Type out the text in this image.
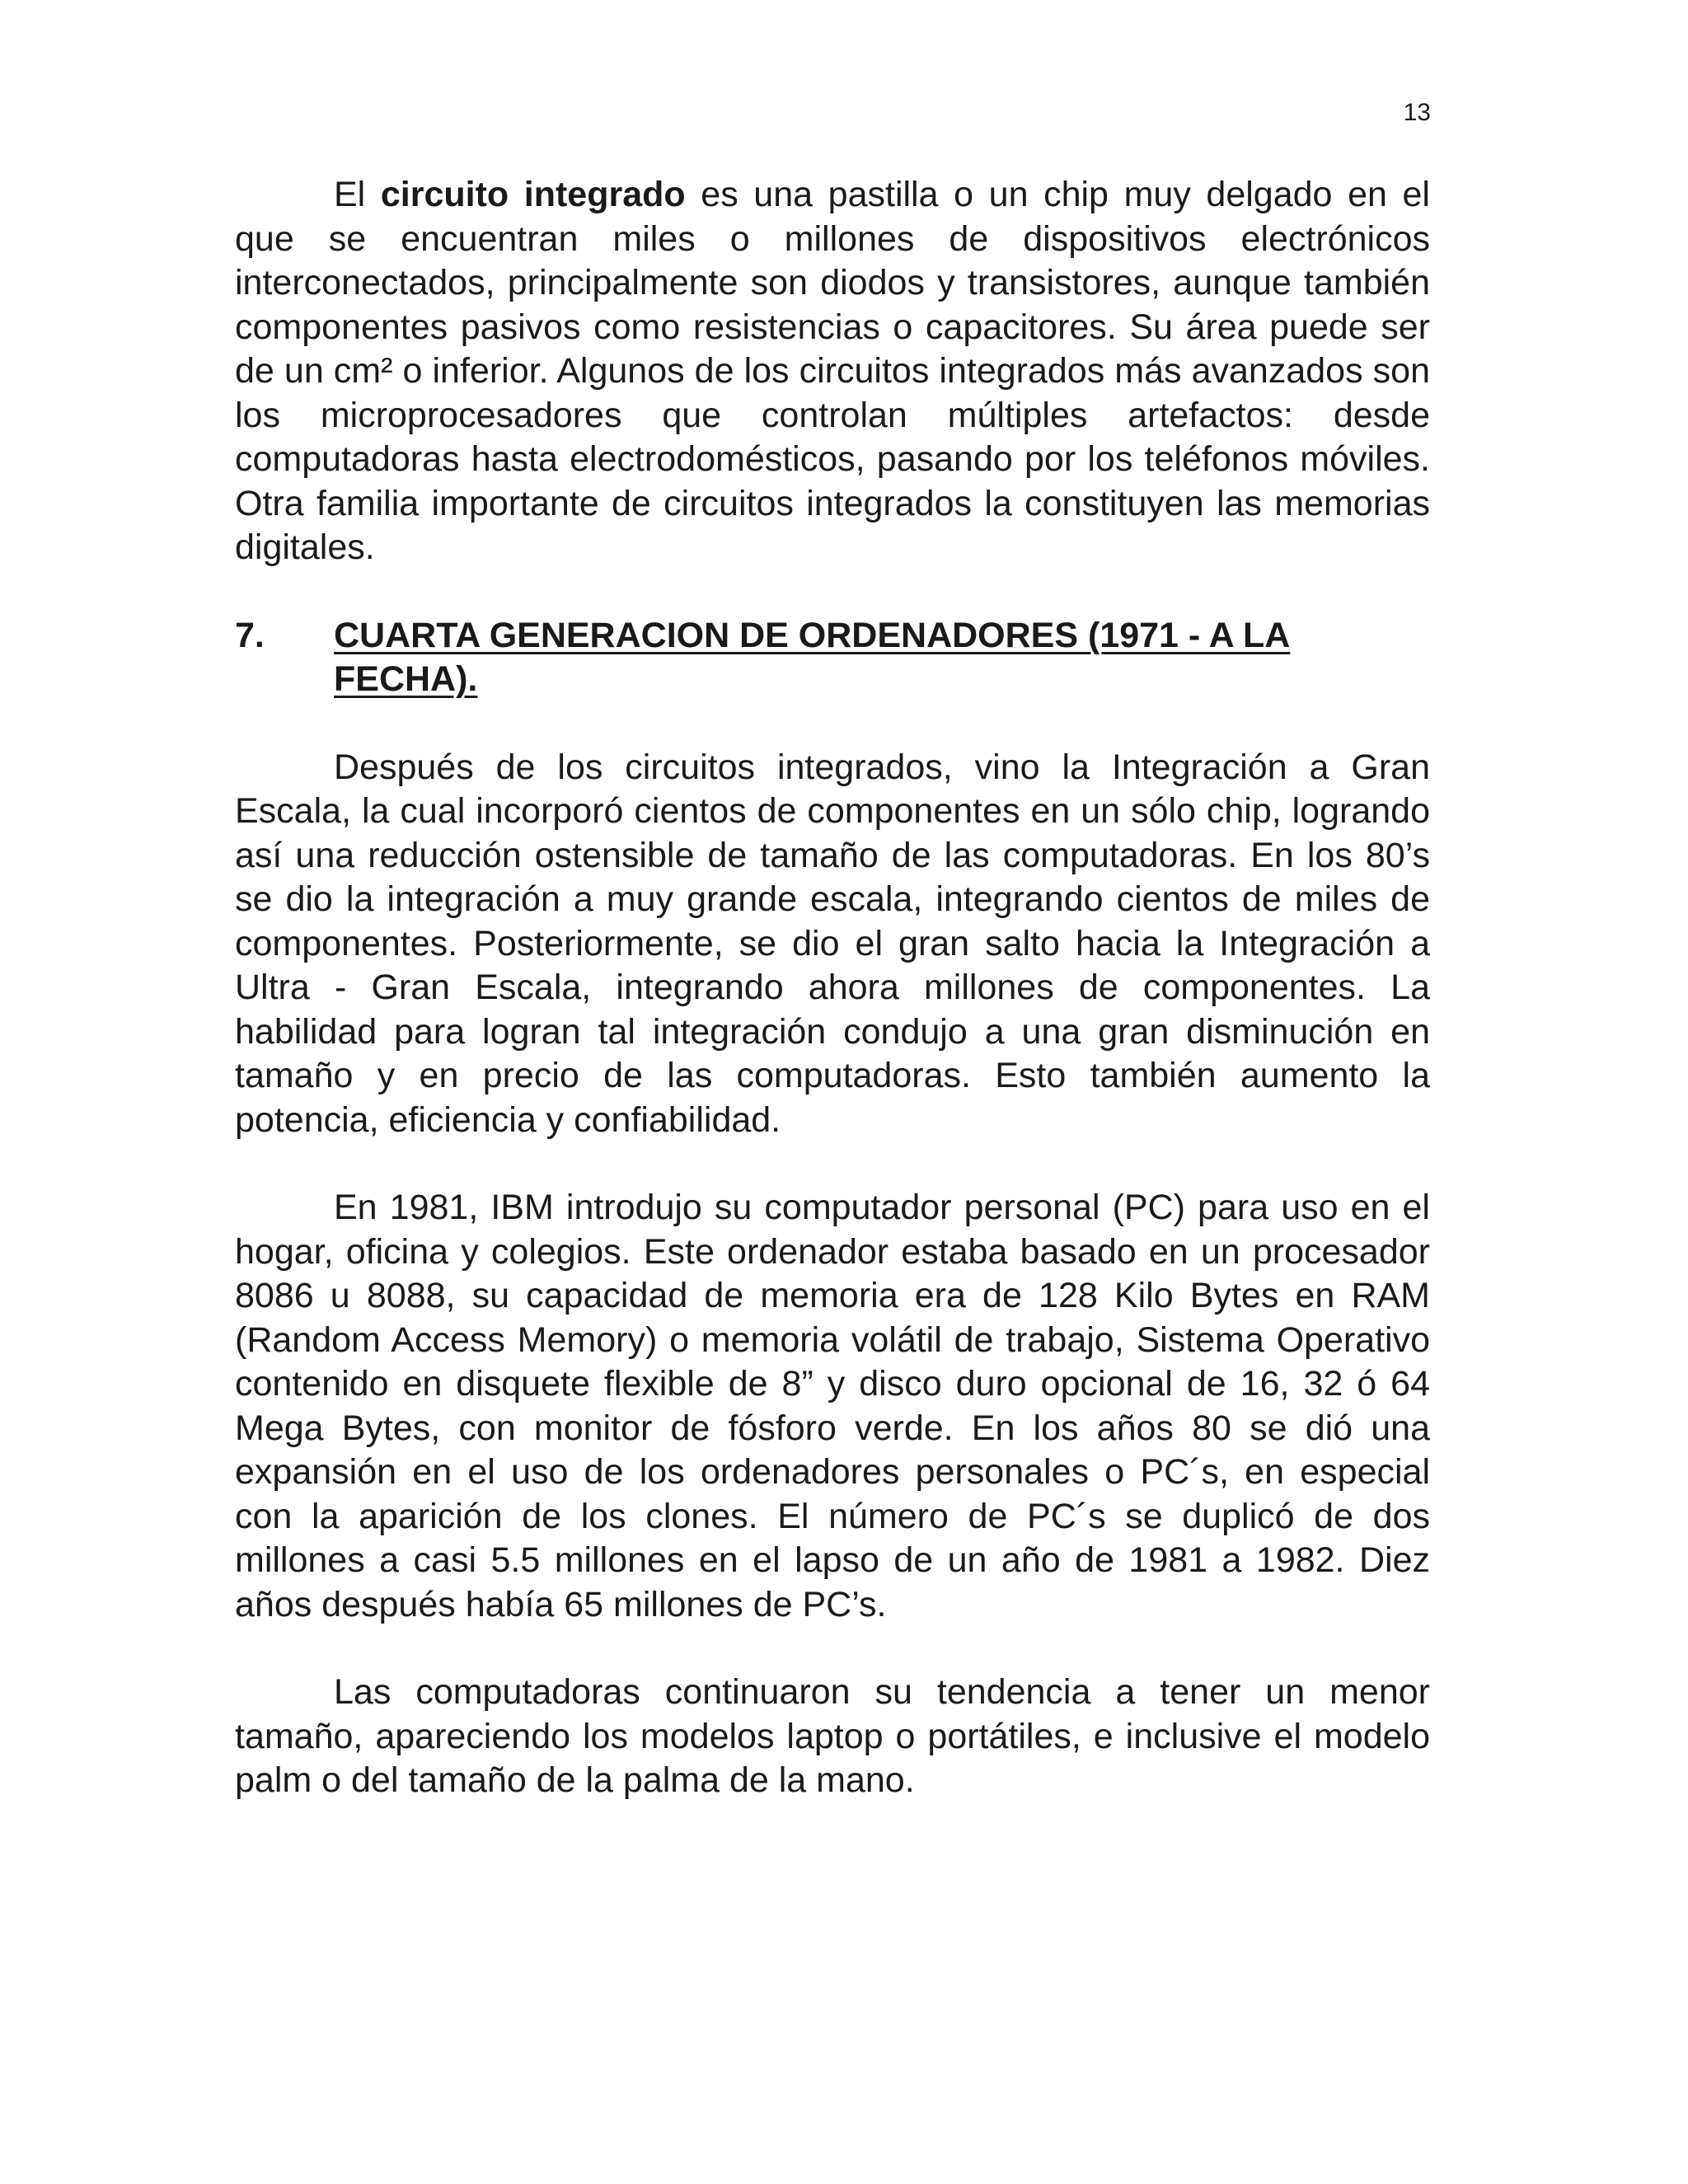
13

El circuito integrado es una pastilla o un chip muy delgado en el que se encuentran miles o millones de dispositivos electrónicos interconectados, principalmente son diodos y transistores, aunque también componentes pasivos como resistencias o capacitores. Su área puede ser de un cm² o inferior. Algunos de los circuitos integrados más avanzados son los microprocesadores que controlan múltiples artefactos: desde computadoras hasta electrodomésticos, pasando por los teléfonos móviles. Otra familia importante de circuitos integrados la constituyen las memorias digitales.

7. CUARTA GENERACION DE ORDENADORES (1971 - A LA FECHA).

Después de los circuitos integrados, vino la Integración a Gran Escala, la cual incorporó cientos de componentes en un sólo chip, logrando así una reducción ostensible de tamaño de las computadoras. En los 80’s se dio la integración a muy grande escala, integrando cientos de miles de componentes. Posteriormente, se dio el gran salto hacia la Integración a Ultra - Gran Escala, integrando ahora millones de componentes. La habilidad para logran tal integración condujo a una gran disminución en tamaño y en precio de las computadoras. Esto también aumento la potencia, eficiencia y confiabilidad.

En 1981, IBM introdujo su computador personal (PC) para uso en el hogar, oficina y colegios. Este ordenador estaba basado en un procesador 8086 u 8088, su capacidad de memoria era de 128 Kilo Bytes en RAM (Random Access Memory) o memoria volátil de trabajo, Sistema Operativo contenido en disquete flexible de 8” y disco duro opcional de 16, 32 ó 64 Mega Bytes, con monitor de fósforo verde. En los años 80 se dió una expansión en el uso de los ordenadores personales o PC´s, en especial con la aparición de los clones. El número de PC´s se duplicó de dos millones a casi 5.5 millones en el lapso de un año de 1981 a 1982. Diez años después había 65 millones de PC’s.

Las computadoras continuaron su tendencia a tener un menor tamaño, apareciendo los modelos laptop o portátiles, e inclusive el modelo palm o del tamaño de la palma de la mano.
